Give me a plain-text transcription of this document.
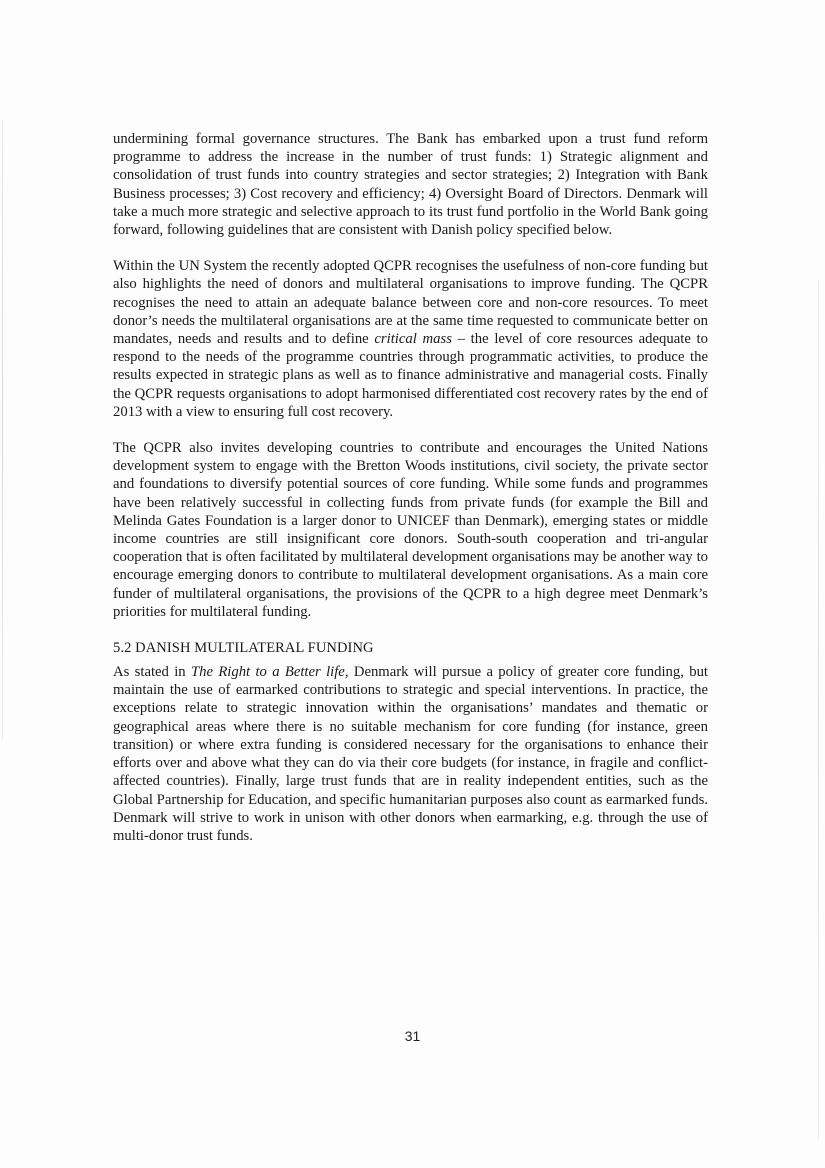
undermining formal governance structures. The Bank has embarked upon a trust fund reform programme to address the increase in the number of trust funds: 1) Strategic alignment and consolidation of trust funds into country strategies and sector strategies; 2) Integration with Bank Business processes; 3) Cost recovery and efficiency; 4) Oversight Board of Directors. Denmark will take a much more strategic and selective approach to its trust fund portfolio in the World Bank going forward, following guidelines that are consistent with Danish policy specified below.

Within the UN System the recently adopted QCPR recognises the usefulness of non-core funding but also highlights the need of donors and multilateral organisations to improve funding. The QCPR recognises the need to attain an adequate balance between core and non-core resources. To meet donor’s needs the multilateral organisations are at the same time requested to communicate better on mandates, needs and results and to define critical mass – the level of core resources adequate to respond to the needs of the programme countries through programmatic activities, to produce the results expected in strategic plans as well as to finance administrative and managerial costs. Finally the QCPR requests organisations to adopt harmonised differentiated cost recovery rates by the end of 2013 with a view to ensuring full cost recovery.

The QCPR also invites developing countries to contribute and encourages the United Nations development system to engage with the Bretton Woods institutions, civil society, the private sector and foundations to diversify potential sources of core funding. While some funds and programmes have been relatively successful in collecting funds from private funds (for example the Bill and Melinda Gates Foundation is a larger donor to UNICEF than Denmark), emerging states or middle income countries are still insignificant core donors. South-south cooperation and tri-angular cooperation that is often facilitated by multilateral development organisations may be another way to encourage emerging donors to contribute to multilateral development organisations. As a main core funder of multilateral organisations, the provisions of the QCPR to a high degree meet Denmark’s priorities for multilateral funding.

5.2 DANISH MULTILATERAL FUNDING

As stated in The Right to a Better life, Denmark will pursue a policy of greater core funding, but maintain the use of earmarked contributions to strategic and special interventions. In practice, the exceptions relate to strategic innovation within the organisations’ mandates and thematic or geographical areas where there is no suitable mechanism for core funding (for instance, green transition) or where extra funding is considered necessary for the organisations to enhance their efforts over and above what they can do via their core budgets (for instance, in fragile and conflict-affected countries). Finally, large trust funds that are in reality independent entities, such as the Global Partnership for Education, and specific humanitarian purposes also count as earmarked funds. Denmark will strive to work in unison with other donors when earmarking, e.g. through the use of multi-donor trust funds.

31
